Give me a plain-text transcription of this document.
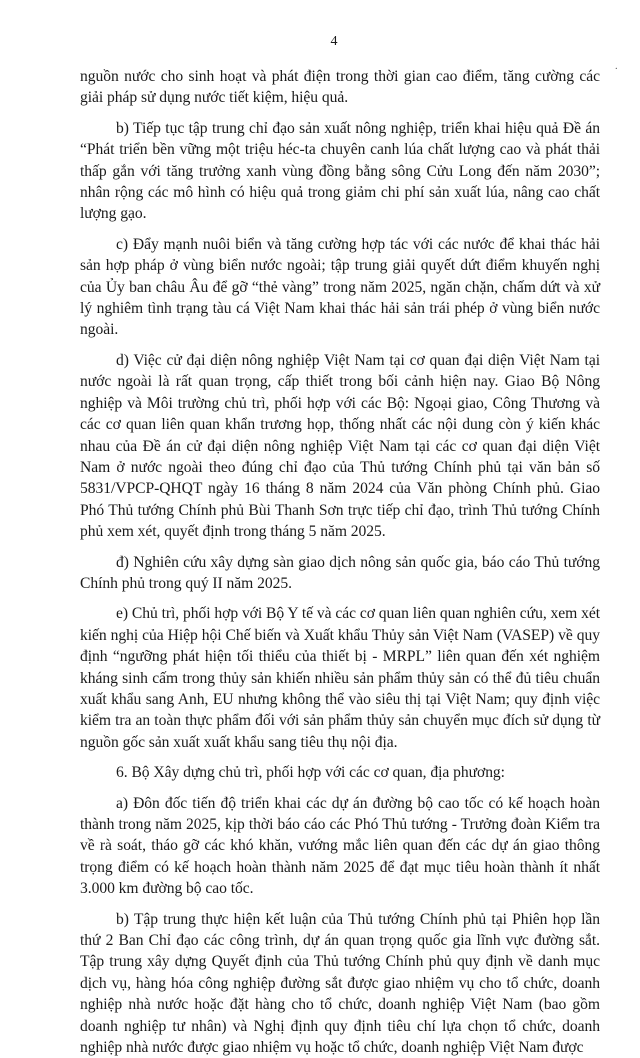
4
·

nguồn nước cho sinh hoạt và phát điện trong thời gian cao điểm, tăng cường các giải pháp sử dụng nước tiết kiệm, hiệu quả.

b) Tiếp tục tập trung chỉ đạo sản xuất nông nghiệp, triển khai hiệu quả Đề án “Phát triển bền vững một triệu héc-ta chuyên canh lúa chất lượng cao và phát thải thấp gắn với tăng trưởng xanh vùng đồng bằng sông Cửu Long đến năm 2030”; nhân rộng các mô hình có hiệu quả trong giảm chi phí sản xuất lúa, nâng cao chất lượng gạo.

c) Đẩy mạnh nuôi biển và tăng cường hợp tác với các nước để khai thác hải sản hợp pháp ở vùng biển nước ngoài; tập trung giải quyết dứt điểm khuyến nghị của Ủy ban châu Âu để gỡ “thẻ vàng” trong năm 2025, ngăn chặn, chấm dứt và xử lý nghiêm tình trạng tàu cá Việt Nam khai thác hải sản trái phép ở vùng biển nước ngoài.

d) Việc cử đại diện nông nghiệp Việt Nam tại cơ quan đại diện Việt Nam tại nước ngoài là rất quan trọng, cấp thiết trong bối cảnh hiện nay. Giao Bộ Nông nghiệp và Môi trường chủ trì, phối hợp với các Bộ: Ngoại giao, Công Thương và các cơ quan liên quan khẩn trương họp, thống nhất các nội dung còn ý kiến khác nhau của Đề án cử đại diện nông nghiệp Việt Nam tại các cơ quan đại diện Việt Nam ở nước ngoài theo đúng chỉ đạo của Thủ tướng Chính phủ tại văn bản số 5831/VPCP-QHQT ngày 16 tháng 8 năm 2024 của Văn phòng Chính phủ. Giao Phó Thủ tướng Chính phủ Bùi Thanh Sơn trực tiếp chỉ đạo, trình Thủ tướng Chính phủ xem xét, quyết định trong tháng 5 năm 2025.

đ) Nghiên cứu xây dựng sàn giao dịch nông sản quốc gia, báo cáo Thủ tướng Chính phủ trong quý II năm 2025.

e) Chủ trì, phối hợp với Bộ Y tế và các cơ quan liên quan nghiên cứu, xem xét kiến nghị của Hiệp hội Chế biến và Xuất khẩu Thủy sản Việt Nam (VASEP) về quy định “ngưỡng phát hiện tối thiểu của thiết bị - MRPL” liên quan đến xét nghiệm kháng sinh cấm trong thủy sản khiến nhiều sản phẩm thủy sản có thể đủ tiêu chuẩn xuất khẩu sang Anh, EU nhưng không thể vào siêu thị tại Việt Nam; quy định việc kiểm tra an toàn thực phẩm đối với sản phẩm thủy sản chuyển mục đích sử dụng từ nguồn gốc sản xuất xuất khẩu sang tiêu thụ nội địa.

6. Bộ Xây dựng chủ trì, phối hợp với các cơ quan, địa phương:

a) Đôn đốc tiến độ triển khai các dự án đường bộ cao tốc có kế hoạch hoàn thành trong năm 2025, kịp thời báo cáo các Phó Thủ tướng - Trưởng đoàn Kiểm tra về rà soát, tháo gỡ các khó khăn, vướng mắc liên quan đến các dự án giao thông trọng điểm có kế hoạch hoàn thành năm 2025 để đạt mục tiêu hoàn thành ít nhất 3.000 km đường bộ cao tốc.

b) Tập trung thực hiện kết luận của Thủ tướng Chính phủ tại Phiên họp lần thứ 2 Ban Chỉ đạo các công trình, dự án quan trọng quốc gia lĩnh vực đường sắt. Tập trung xây dựng Quyết định của Thủ tướng Chính phủ quy định về danh mục dịch vụ, hàng hóa công nghiệp đường sắt được giao nhiệm vụ cho tổ chức, doanh nghiệp nhà nước hoặc đặt hàng cho tổ chức, doanh nghiệp Việt Nam (bao gồm doanh nghiệp tư nhân) và Nghị định quy định tiêu chí lựa chọn tổ chức, doanh nghiệp nhà nước được giao nhiệm vụ hoặc tổ chức, doanh nghiệp Việt Nam được
